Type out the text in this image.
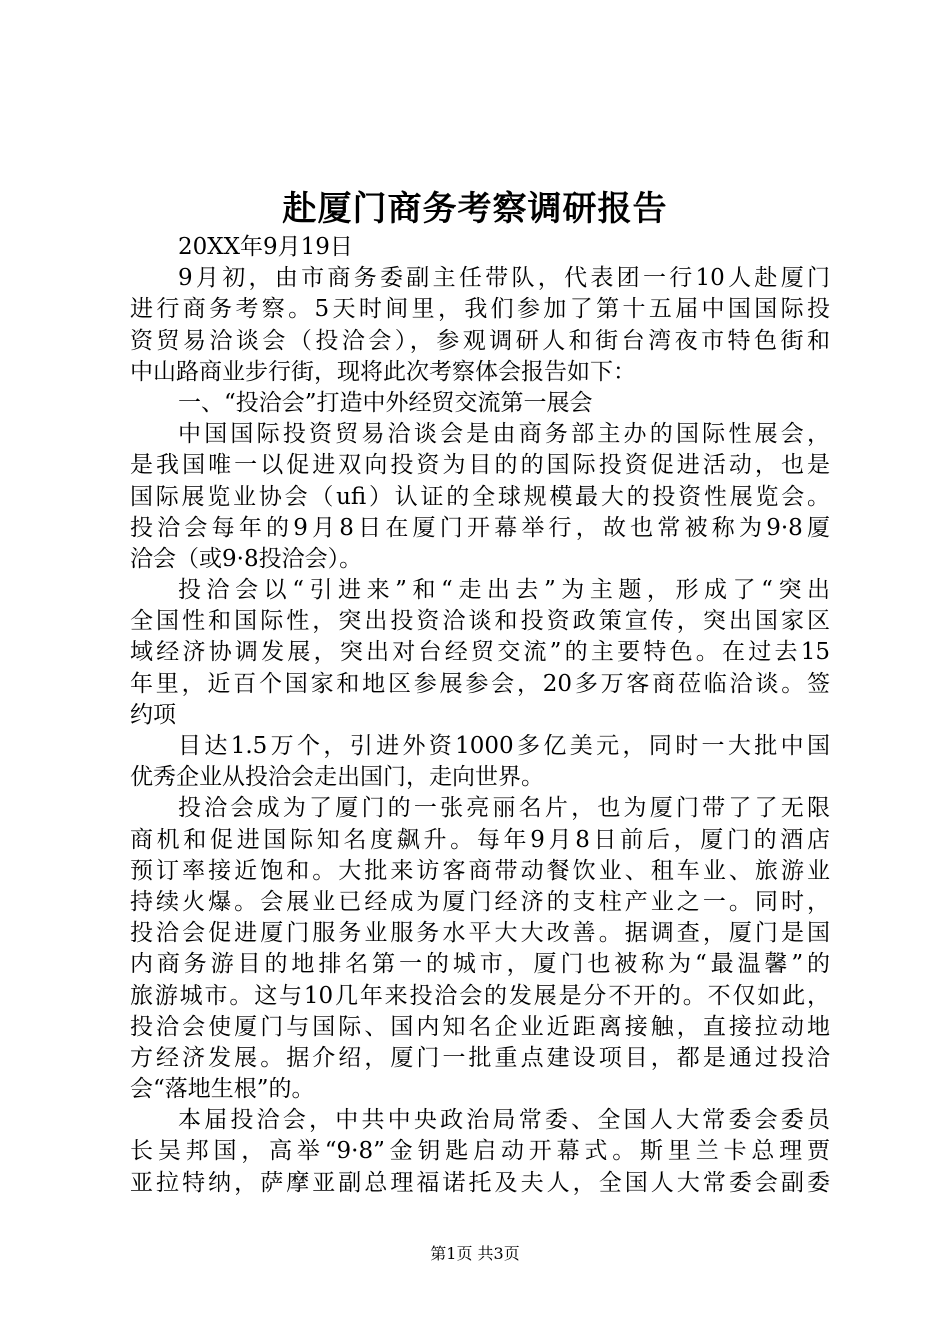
赴厦门商务考察调研报告
20XX年9月19日
9月初，由市商务委副主任带队，代表团一行10人赴厦门
进行商务考察。5天时间里，我们参加了第十五届中国国际投
资贸易洽谈会（投洽会），参观调研人和街台湾夜市特色街和
中山路商业步行街，现将此次考察体会报告如下：
一、“投洽会”打造中外经贸交流第一展会
中国国际投资贸易洽谈会是由商务部主办的国际性展会，
是我国唯一以促进双向投资为目的的国际投资促进活动，也是
国际展览业协会（ufi）认证的全球规模最大的投资性展览会。
投洽会每年的9月8日在厦门开幕举行，故也常被称为9·8厦
洽会（或9·8投洽会）。
投洽会以“引进来”和“走出去”为主题，形成了“突出
全国性和国际性，突出投资洽谈和投资政策宣传，突出国家区
域经济协调发展，突出对台经贸交流”的主要特色。在过去15
年里，近百个国家和地区参展参会，20多万客商莅临洽谈。签
约项
目达1.5万个，引进外资1000多亿美元，同时一大批中国
优秀企业从投洽会走出国门，走向世界。
投洽会成为了厦门的一张亮丽名片，也为厦门带了了无限
商机和促进国际知名度飙升。每年9月8日前后，厦门的酒店
预订率接近饱和。大批来访客商带动餐饮业、租车业、旅游业
持续火爆。会展业已经成为厦门经济的支柱产业之一。同时，
投洽会促进厦门服务业服务水平大大改善。据调查，厦门是国
内商务游目的地排名第一的城市，厦门也被称为“最温馨”的
旅游城市。这与10几年来投洽会的发展是分不开的。不仅如此，
投洽会使厦门与国际、国内知名企业近距离接触，直接拉动地
方经济发展。据介绍，厦门一批重点建设项目，都是通过投洽
会“落地生根”的。
本届投洽会，中共中央政治局常委、全国人大常委会委员
长吴邦国，高举“9·8”金钥匙启动开幕式。斯里兰卡总理贾
亚拉特纳，萨摩亚副总理福诺托及夫人，全国人大常委会副委
第1页 共3页
